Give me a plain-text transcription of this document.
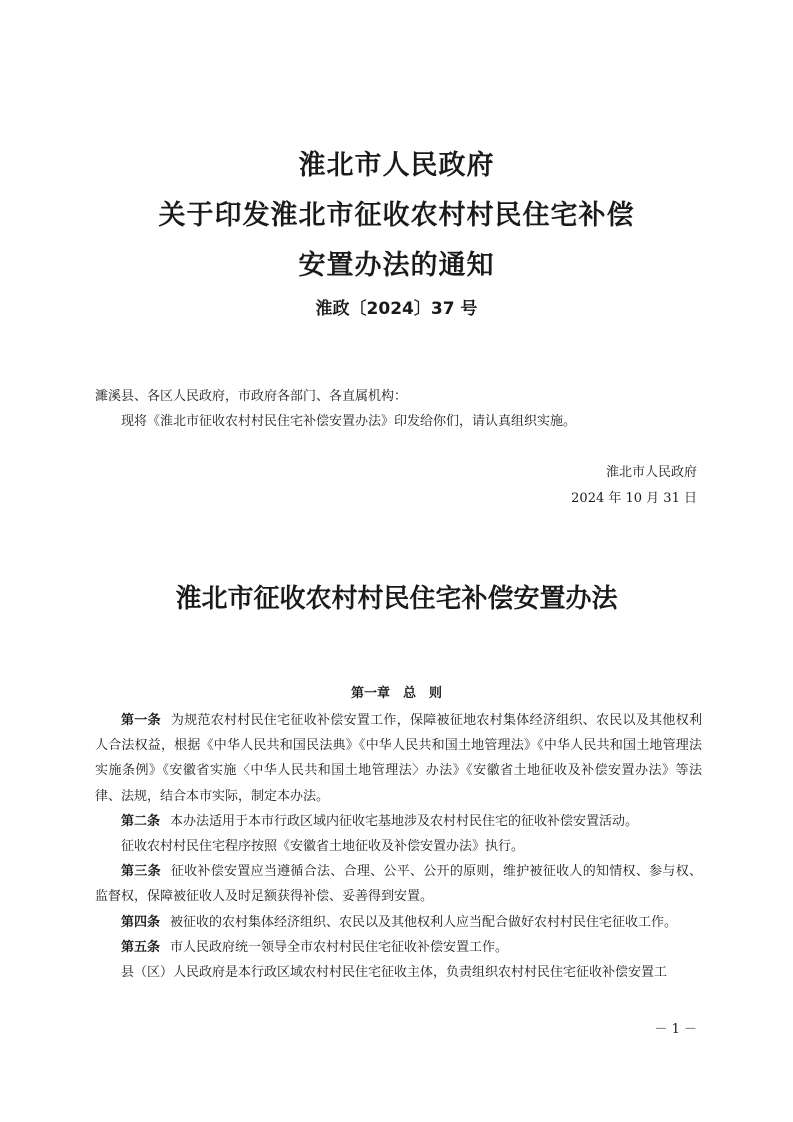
淮北市人民政府
关于印发淮北市征收农村村民住宅补偿
安置办法的通知

淮政〔2024〕37 号

濉溪县、各区人民政府，市政府各部门、各直属机构：

现将《淮北市征收农村村民住宅补偿安置办法》印发给你们，请认真组织实施。

淮北市人民政府

2024 年 10 月 31 日

淮北市征收农村村民住宅补偿安置办法
第一章　总　则

第一条 为规范农村村民住宅征收补偿安置工作，保障被征地农村集体经济组织、农民以及其他权利人合法权益，根据《中华人民共和国民法典》《中华人民共和国土地管理法》《中华人民共和国土地管理法实施条例》《安徽省实施〈中华人民共和国土地管理法〉办法》《安徽省土地征收及补偿安置办法》等法律、法规，结合本市实际，制定本办法。

第二条 本办法适用于本市行政区域内征收宅基地涉及农村村民住宅的征收补偿安置活动。

征收农村村民住宅程序按照《安徽省土地征收及补偿安置办法》执行。

第三条 征收补偿安置应当遵循合法、合理、公平、公开的原则，维护被征收人的知情权、参与权、监督权，保障被征收人及时足额获得补偿、妥善得到安置。

第四条 被征收的农村集体经济组织、农民以及其他权利人应当配合做好农村村民住宅征收工作。

第五条 市人民政府统一领导全市农村村民住宅征收补偿安置工作。

县（区）人民政府是本行政区域农村村民住宅征收主体，负责组织农村村民住宅征收补偿安置工

－ 1 －
